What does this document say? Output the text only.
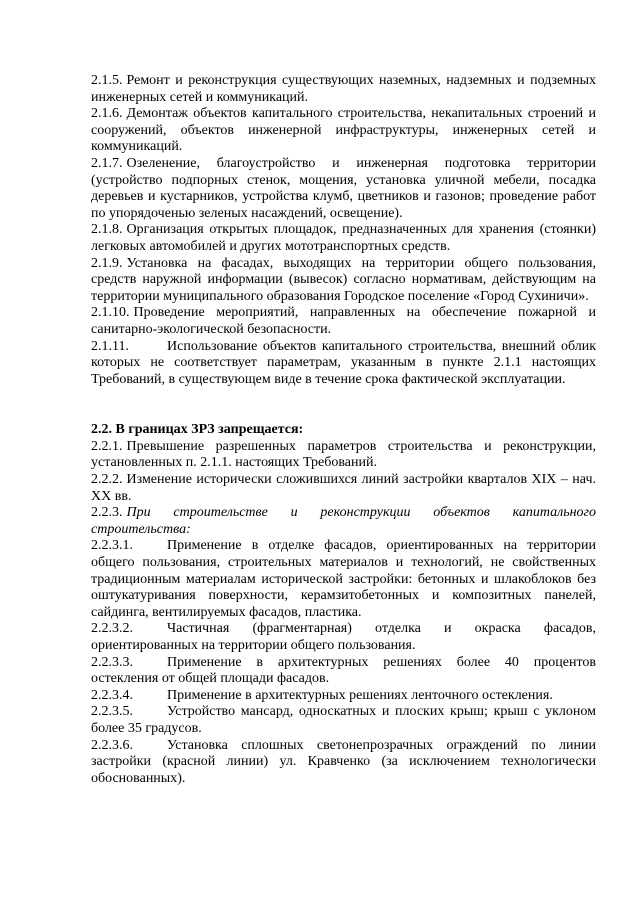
2.1.5. Ремонт и реконструкция существующих наземных, надземных и подземных инженерных сетей и коммуникаций.

2.1.6. Демонтаж объектов капитального строительства, некапитальных строений и сооружений, объектов инженерной инфраструктуры, инженерных сетей и коммуникаций.

2.1.7. Озеленение, благоустройство и инженерная подготовка территории (устройство подпорных стенок, мощения, установка уличной мебели, посадка деревьев и кустарников, устройства клумб, цветников и газонов; проведение работ по упорядоченью зеленых насаждений, освещение).

2.1.8. Организация открытых площадок, предназначенных для хранения (стоянки) легковых автомобилей и других мототранспортных средств.

2.1.9. Установка на фасадах, выходящих на территории общего пользования, средств наружной информации (вывесок) согласно нормативам, действующим на территории муниципального образования Городское поселение «Город Сухиничи».

2.1.10. Проведение мероприятий, направленных на обеспечение пожарной и санитарно-экологической безопасности.

2.1.11.	Использование объектов капитального строительства, внешний облик которых не соответствует параметрам, указанным в пункте 2.1.1 настоящих Требований, в существующем виде в течение срока фактической эксплуатации.

2.2. В границах ЗРЗ запрещается:

2.2.1. Превышение разрешенных параметров строительства и реконструкции, установленных п. 2.1.1. настоящих Требований.

2.2.2. Изменение исторически сложившихся линий застройки кварталов XIX – нач. XX вв.

2.2.3. При строительстве и реконструкции объектов капитального строительства:

2.2.3.1. Применение в отделке фасадов, ориентированных на территории общего пользования, строительных материалов и технологий, не свойственных традиционным материалам исторической застройки: бетонных и шлакоблоков без оштукатуривания поверхности, керамзитобетонных и композитных панелей, сайдинга, вентилируемых фасадов, пластика.

2.2.3.2. Частичная (фрагментарная) отделка и окраска фасадов, ориентированных на территории общего пользования.

2.2.3.3. Применение в архитектурных решениях более 40 процентов остекления от общей площади фасадов.

2.2.3.4. Применение в архитектурных решениях ленточного остекления.

2.2.3.5. Устройство мансард, односкатных и плоских крыш; крыш с уклоном более 35 градусов.

2.2.3.6. Установка сплошных светонепрозрачных ограждений по линии застройки (красной линии) ул. Кравченко (за исключением технологически обоснованных).
